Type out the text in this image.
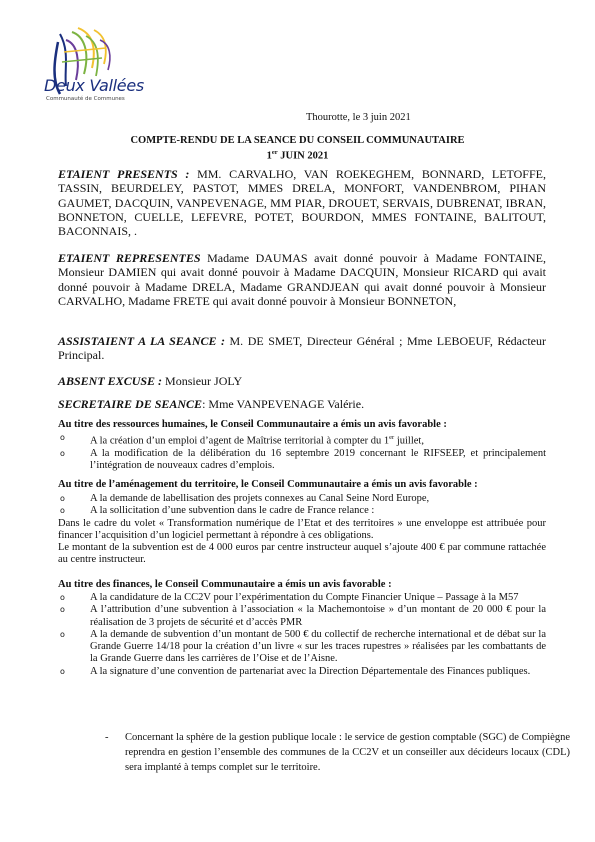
Deux Vallées
Communauté de Communes
Thourotte, le 3 juin 2021
COMPTE-RENDU DE LA SEANCE DU CONSEIL COMMUNAUTAIRE
1er JUIN 2021
ETAIENT PRESENTS : MM. CARVALHO, VAN ROEKEGHEM, BONNARD, LETOFFE, TASSIN, BEURDELEY, PASTOT, MMES DRELA, MONFORT, VANDENBROM, PIHAN GAUMET, DACQUIN, VANPEVENAGE, MM PIAR, DROUET, SERVAIS, DUBRENAT, IBRAN, BONNETON, CUELLE, LEFEVRE, POTET, BOURDON, MMES FONTAINE, BALITOUT, BACONNAIS, .
ETAIENT REPRESENTES Madame DAUMAS avait donné pouvoir à Madame FONTAINE, Monsieur DAMIEN qui avait donné pouvoir à Madame DACQUIN, Monsieur RICARD qui avait donné pouvoir à Madame DRELA, Madame GRANDJEAN qui avait donné pouvoir à Monsieur CARVALHO, Madame FRETE qui avait donné pouvoir à Monsieur BONNETON,
ASSISTAIENT A LA SEANCE : M. DE SMET, Directeur Général ; Mme LEBOEUF, Rédacteur Principal.
ABSENT EXCUSE : Monsieur JOLY
SECRETAIRE DE SEANCE: Mme VANPEVENAGE Valérie.
Au titre des ressources humaines, le Conseil Communautaire a émis un avis favorable :
o A la création d’un emploi d’agent de Maîtrise territorial à compter du 1er juillet,
o A la modification de la délibération du 16 septembre 2019 concernant le RIFSEEP, et principalement l’intégration de nouveaux cadres d’emplois.
Au titre de l’aménagement du territoire, le Conseil Communautaire a émis un avis favorable :
o A la demande de labellisation des projets connexes au Canal Seine Nord Europe,
o A la sollicitation d’une subvention dans le cadre de France relance :
Dans le cadre du volet « Transformation numérique de l’Etat et des territoires » une enveloppe est attribuée pour financer l’acquisition d’un logiciel permettant à répondre à ces obligations.
Le montant de la subvention est de 4 000 euros par centre instructeur auquel s’ajoute 400 € par commune rattachée au centre instructeur.
Au titre des finances, le Conseil Communautaire a émis un avis favorable :
o A la candidature de la CC2V pour l’expérimentation du Compte Financier Unique – Passage à la M57
o A l’attribution d’une subvention à l’association « la Machemontoise » d’un montant de 20 000 € pour la réalisation de 3 projets de sécurité et d’accès PMR
o A la demande de subvention d’un montant de 500 € du collectif de recherche international et de débat sur la Grande Guerre 14/18 pour la création d’un livre « sur les traces rupestres » réalisées par les combattants de la Grande Guerre dans les carrières de l’Oise et de l’Aisne.
o A la signature d’une convention de partenariat avec la Direction Départementale des Finances publiques.
- Concernant la sphère de la gestion publique locale : le service de gestion comptable (SGC) de Compiègne reprendra en gestion l’ensemble des communes de la CC2V et un conseiller aux décideurs locaux (CDL) sera implanté à temps complet sur le territoire.
